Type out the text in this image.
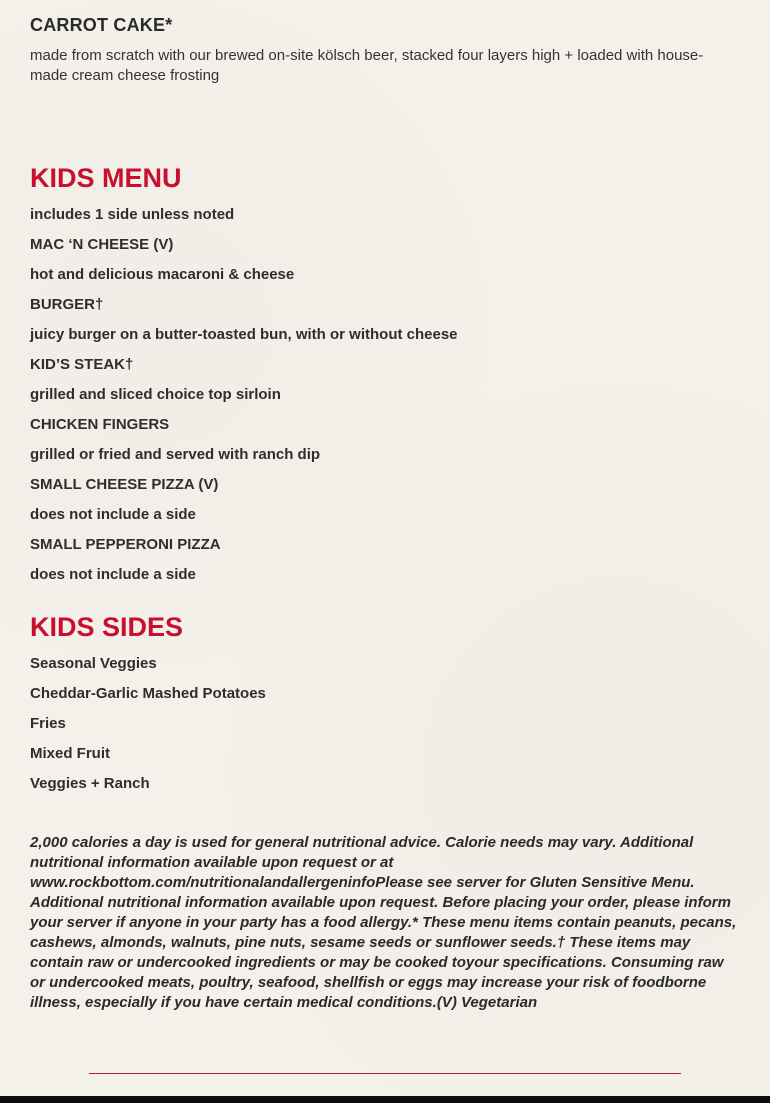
CARROT CAKE*

made from scratch with our brewed on-site kölsch beer, stacked four layers high + loaded with house-made cream cheese frosting

KIDS MENU

includes 1 side unless noted

MAC ‘N CHEESE (V)

hot and delicious macaroni & cheese

BURGER†

juicy burger on a butter-toasted bun, with or without cheese

KID’S STEAK†

grilled and sliced choice top sirloin

CHICKEN FINGERS

grilled or fried and served with ranch dip

SMALL CHEESE PIZZA (V)

does not include a side

SMALL PEPPERONI PIZZA

does not include a side

KIDS SIDES

Seasonal Veggies

Cheddar-Garlic Mashed Potatoes

Fries

Mixed Fruit

Veggies + Ranch

2,000 calories a day is used for general nutritional advice. Calorie needs may vary. Additional nutritional information available upon request or at www.rockbottom.com/nutritionalandallergeninfoPlease see server for Gluten Sensitive Menu. Additional nutritional information available upon request. Before placing your order, please inform your server if anyone in your party has a food allergy.* These menu items contain peanuts, pecans, cashews, almonds, walnuts, pine nuts, sesame seeds or sunflower seeds.† These items may contain raw or undercooked ingredients or may be cooked toyour specifications. Consuming raw or undercooked meats, poultry, seafood, shellfish or eggs may increase your risk of foodborne illness, especially if you have certain medical conditions.(V) Vegetarian
